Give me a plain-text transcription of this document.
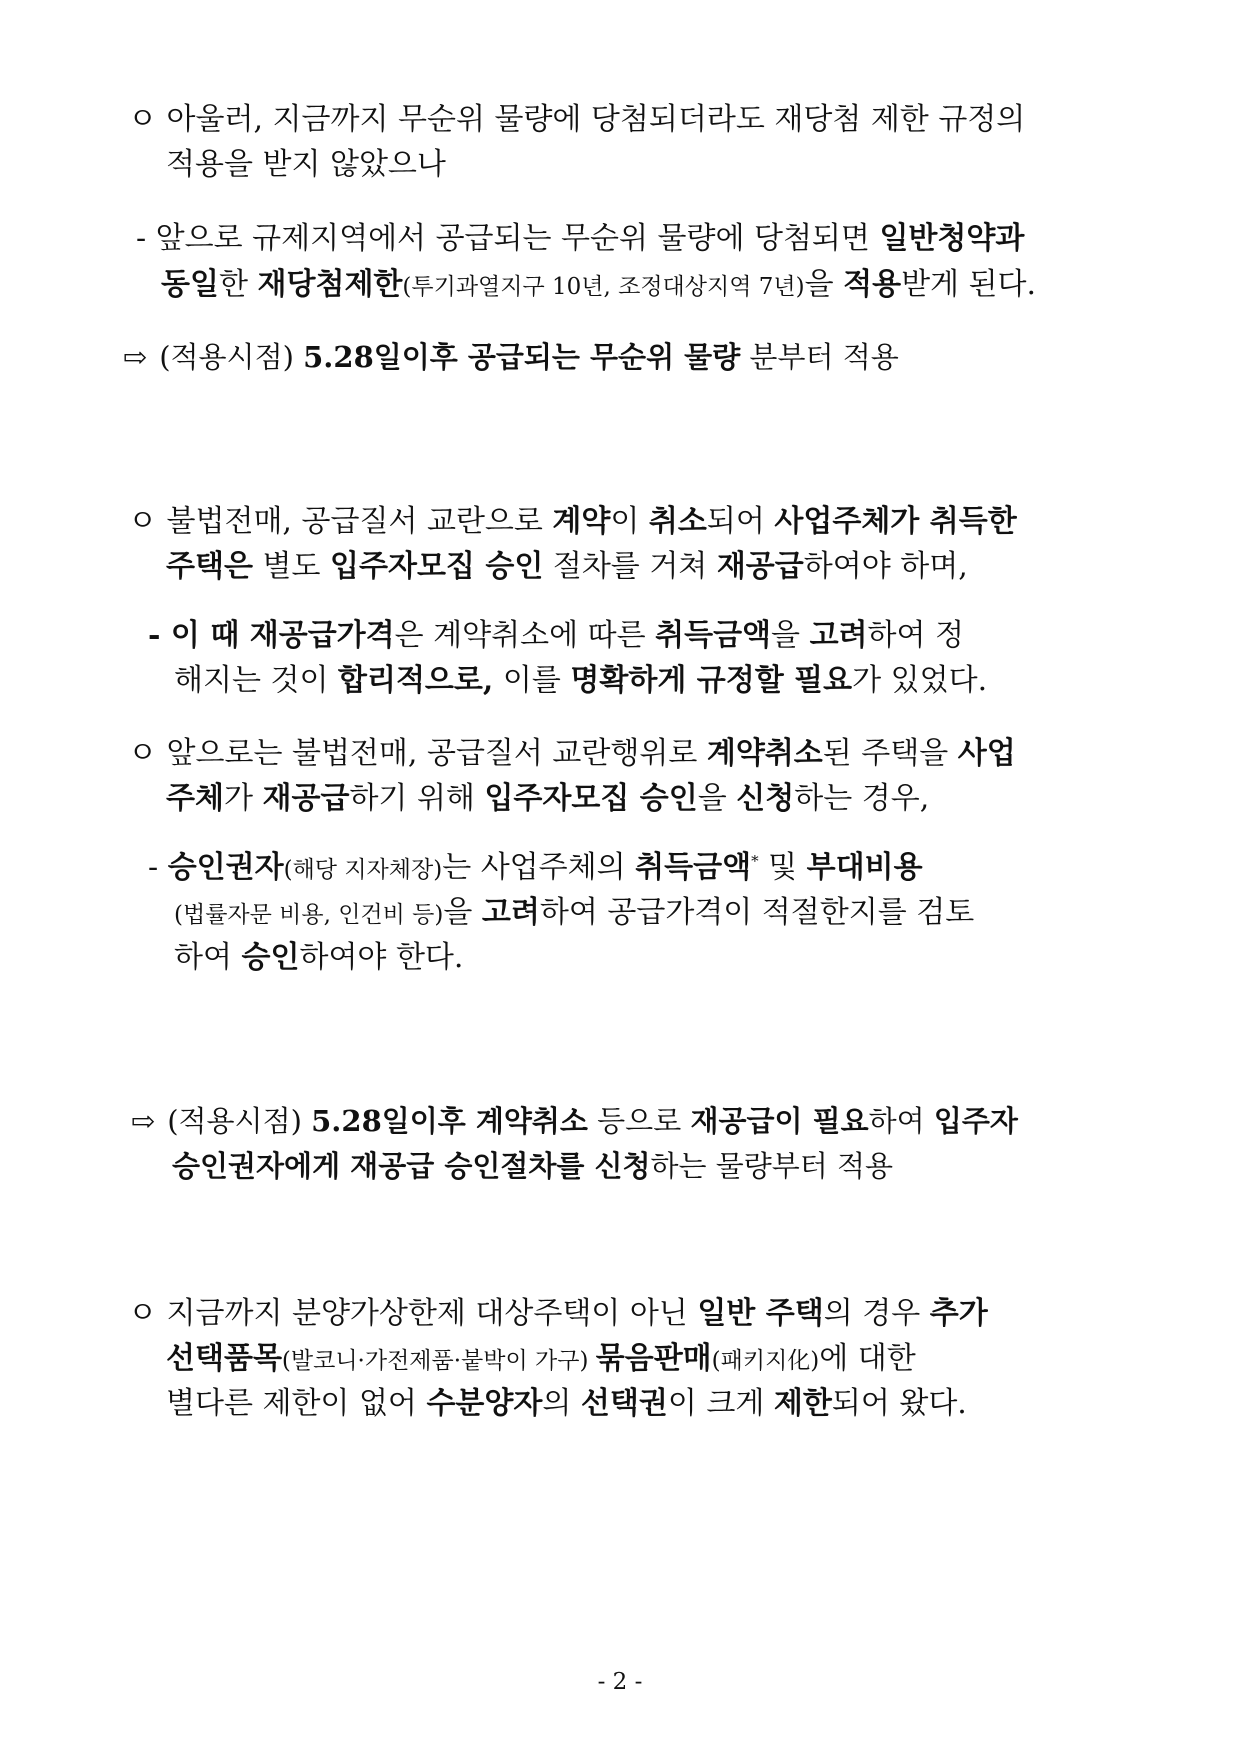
ㅇ 아울러, 지금까지 무순위 물량에 당첨되더라도 재당첨 제한 규정의
적용을 받지 않았으나
- 앞으로 규제지역에서 공급되는 무순위 물량에 당첨되면 일반청약과
동일한 재당첨제한(투기과열지구 10년, 조정대상지역 7년)을 적용받게 된다.
⇨ (적용시점) 5.28일이후 공급되는 무순위 물량 분부터 적용
ㅇ 불법전매, 공급질서 교란으로 계약이 취소되어 사업주체가 취득한
주택은 별도 입주자모집 승인 절차를 거쳐 재공급하여야 하며,
- 이 때 재공급가격은 계약취소에 따른 취득금액을 고려하여 정
해지는 것이 합리적으로, 이를 명확하게 규정할 필요가 있었다.
ㅇ 앞으로는 불법전매, 공급질서 교란행위로 계약취소된 주택을 사업
주체가 재공급하기 위해 입주자모집 승인을 신청하는 경우,
- 승인권자(해당 지자체장)는 사업주체의 취득금액* 및 부대비용
(법률자문 비용, 인건비 등)을 고려하여 공급가격이 적절한지를 검토
하여 승인하여야 한다.
⇨ (적용시점) 5.28일이후 계약취소 등으로 재공급이 필요하여 입주자
승인권자에게 재공급 승인절차를 신청하는 물량부터 적용
ㅇ 지금까지 분양가상한제 대상주택이 아닌 일반 주택의 경우 추가
선택품목(발코니·가전제품·붙박이 가구) 묶음판매(패키지化)에 대한
별다른 제한이 없어 수분양자의 선택권이 크게 제한되어 왔다.
- 2 -
